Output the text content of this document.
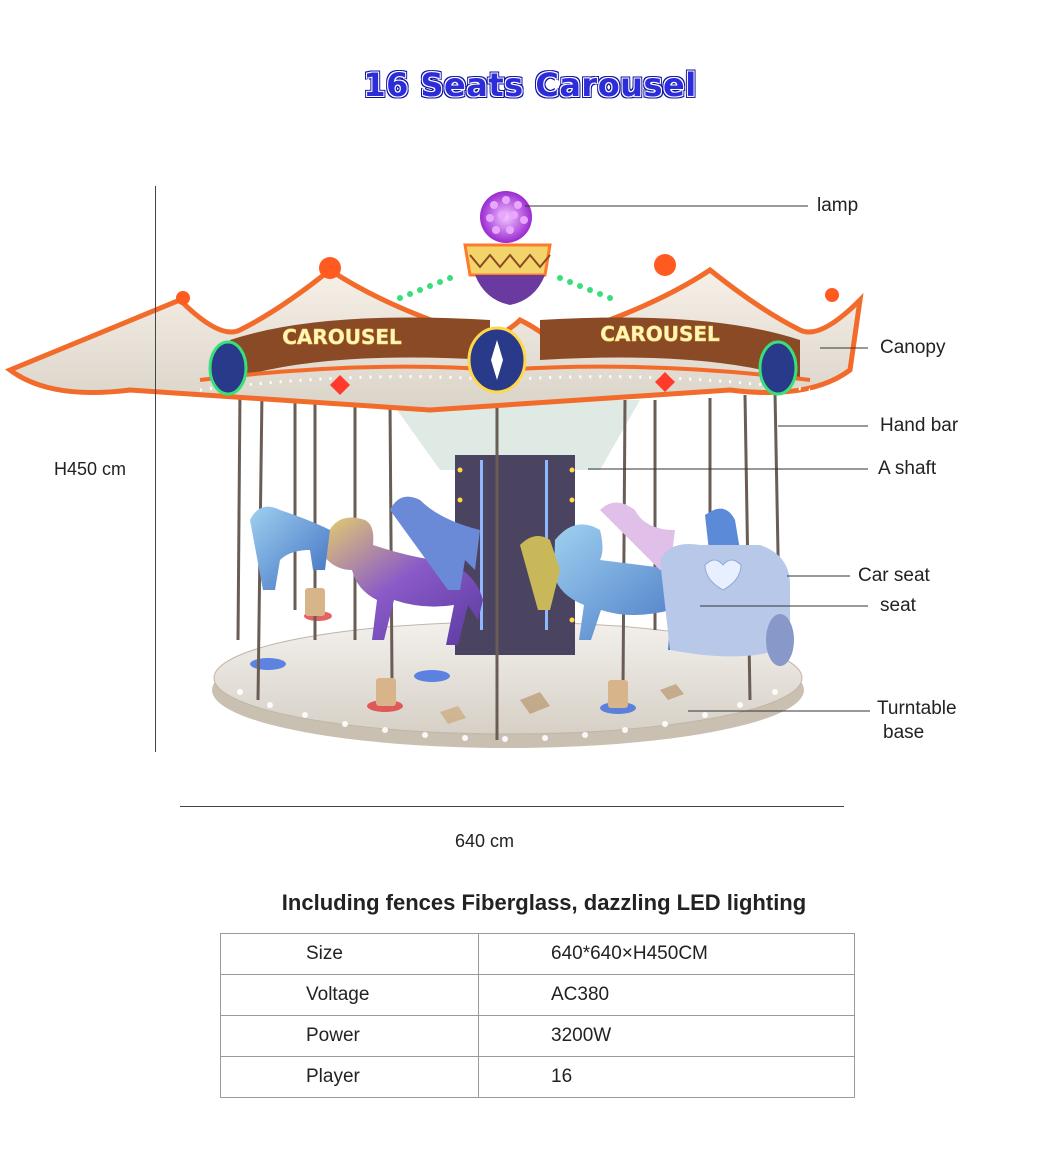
16 Seats Carousel
CAROUSEL	CAROUSEL
H450 cm
640 cm
lamp
Canopy
Hand bar
A shaft
Car seat
seat
Turntable
base
Including fences Fiberglass, dazzling LED lighting
Size	640*640×H450CM
Voltage	AC380
Power	3200W
Player	16
